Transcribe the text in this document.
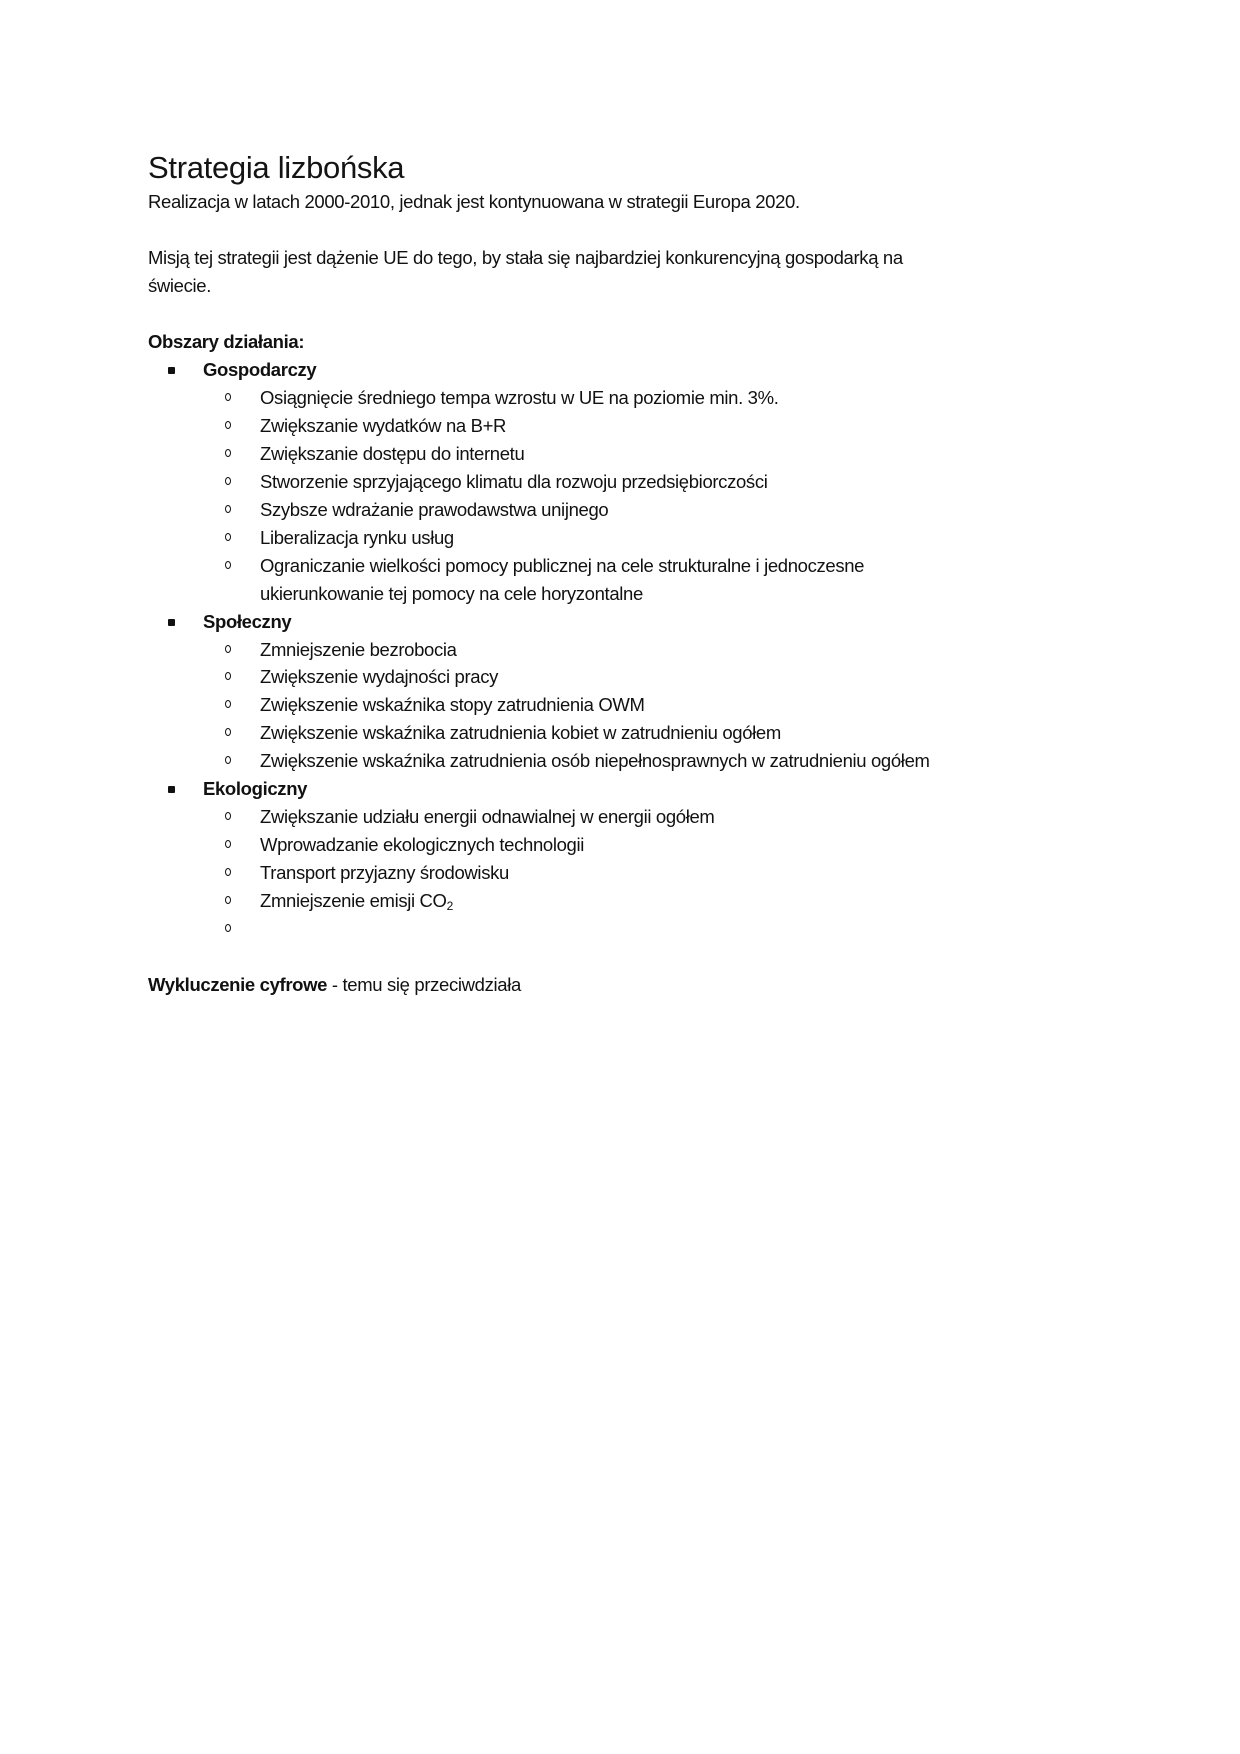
Strategia lizbońska
Realizacja w latach 2000-2010, jednak jest kontynuowana w strategii Europa 2020.
Misją tej strategii jest dążenie UE do tego, by stała się najbardziej konkurencyjną gospodarką na
świecie.
Obszary działania:
Gospodarczy
Osiągnięcie średniego tempa wzrostu w UE na poziomie min. 3%.
Zwiększanie wydatków na B+R
Zwiększanie dostępu do internetu
Stworzenie sprzyjającego klimatu dla rozwoju przedsiębiorczości
Szybsze wdrażanie prawodawstwa unijnego
Liberalizacja rynku usług
Ograniczanie wielkości pomocy publicznej na cele strukturalne i jednoczesne
ukierunkowanie tej pomocy na cele horyzontalne
Społeczny
Zmniejszenie bezrobocia
Zwiększenie wydajności pracy
Zwiększenie wskaźnika stopy zatrudnienia OWM
Zwiększenie wskaźnika zatrudnienia kobiet w zatrudnieniu ogółem
Zwiększenie wskaźnika zatrudnienia osób niepełnosprawnych w zatrudnieniu ogółem
Ekologiczny
Zwiększanie udziału energii odnawialnej w energii ogółem
Wprowadzanie ekologicznych technologii
Transport przyjazny środowisku
Zmniejszenie emisji $CO_2$
Wykluczenie cyfrowe - temu się przeciwdziała
